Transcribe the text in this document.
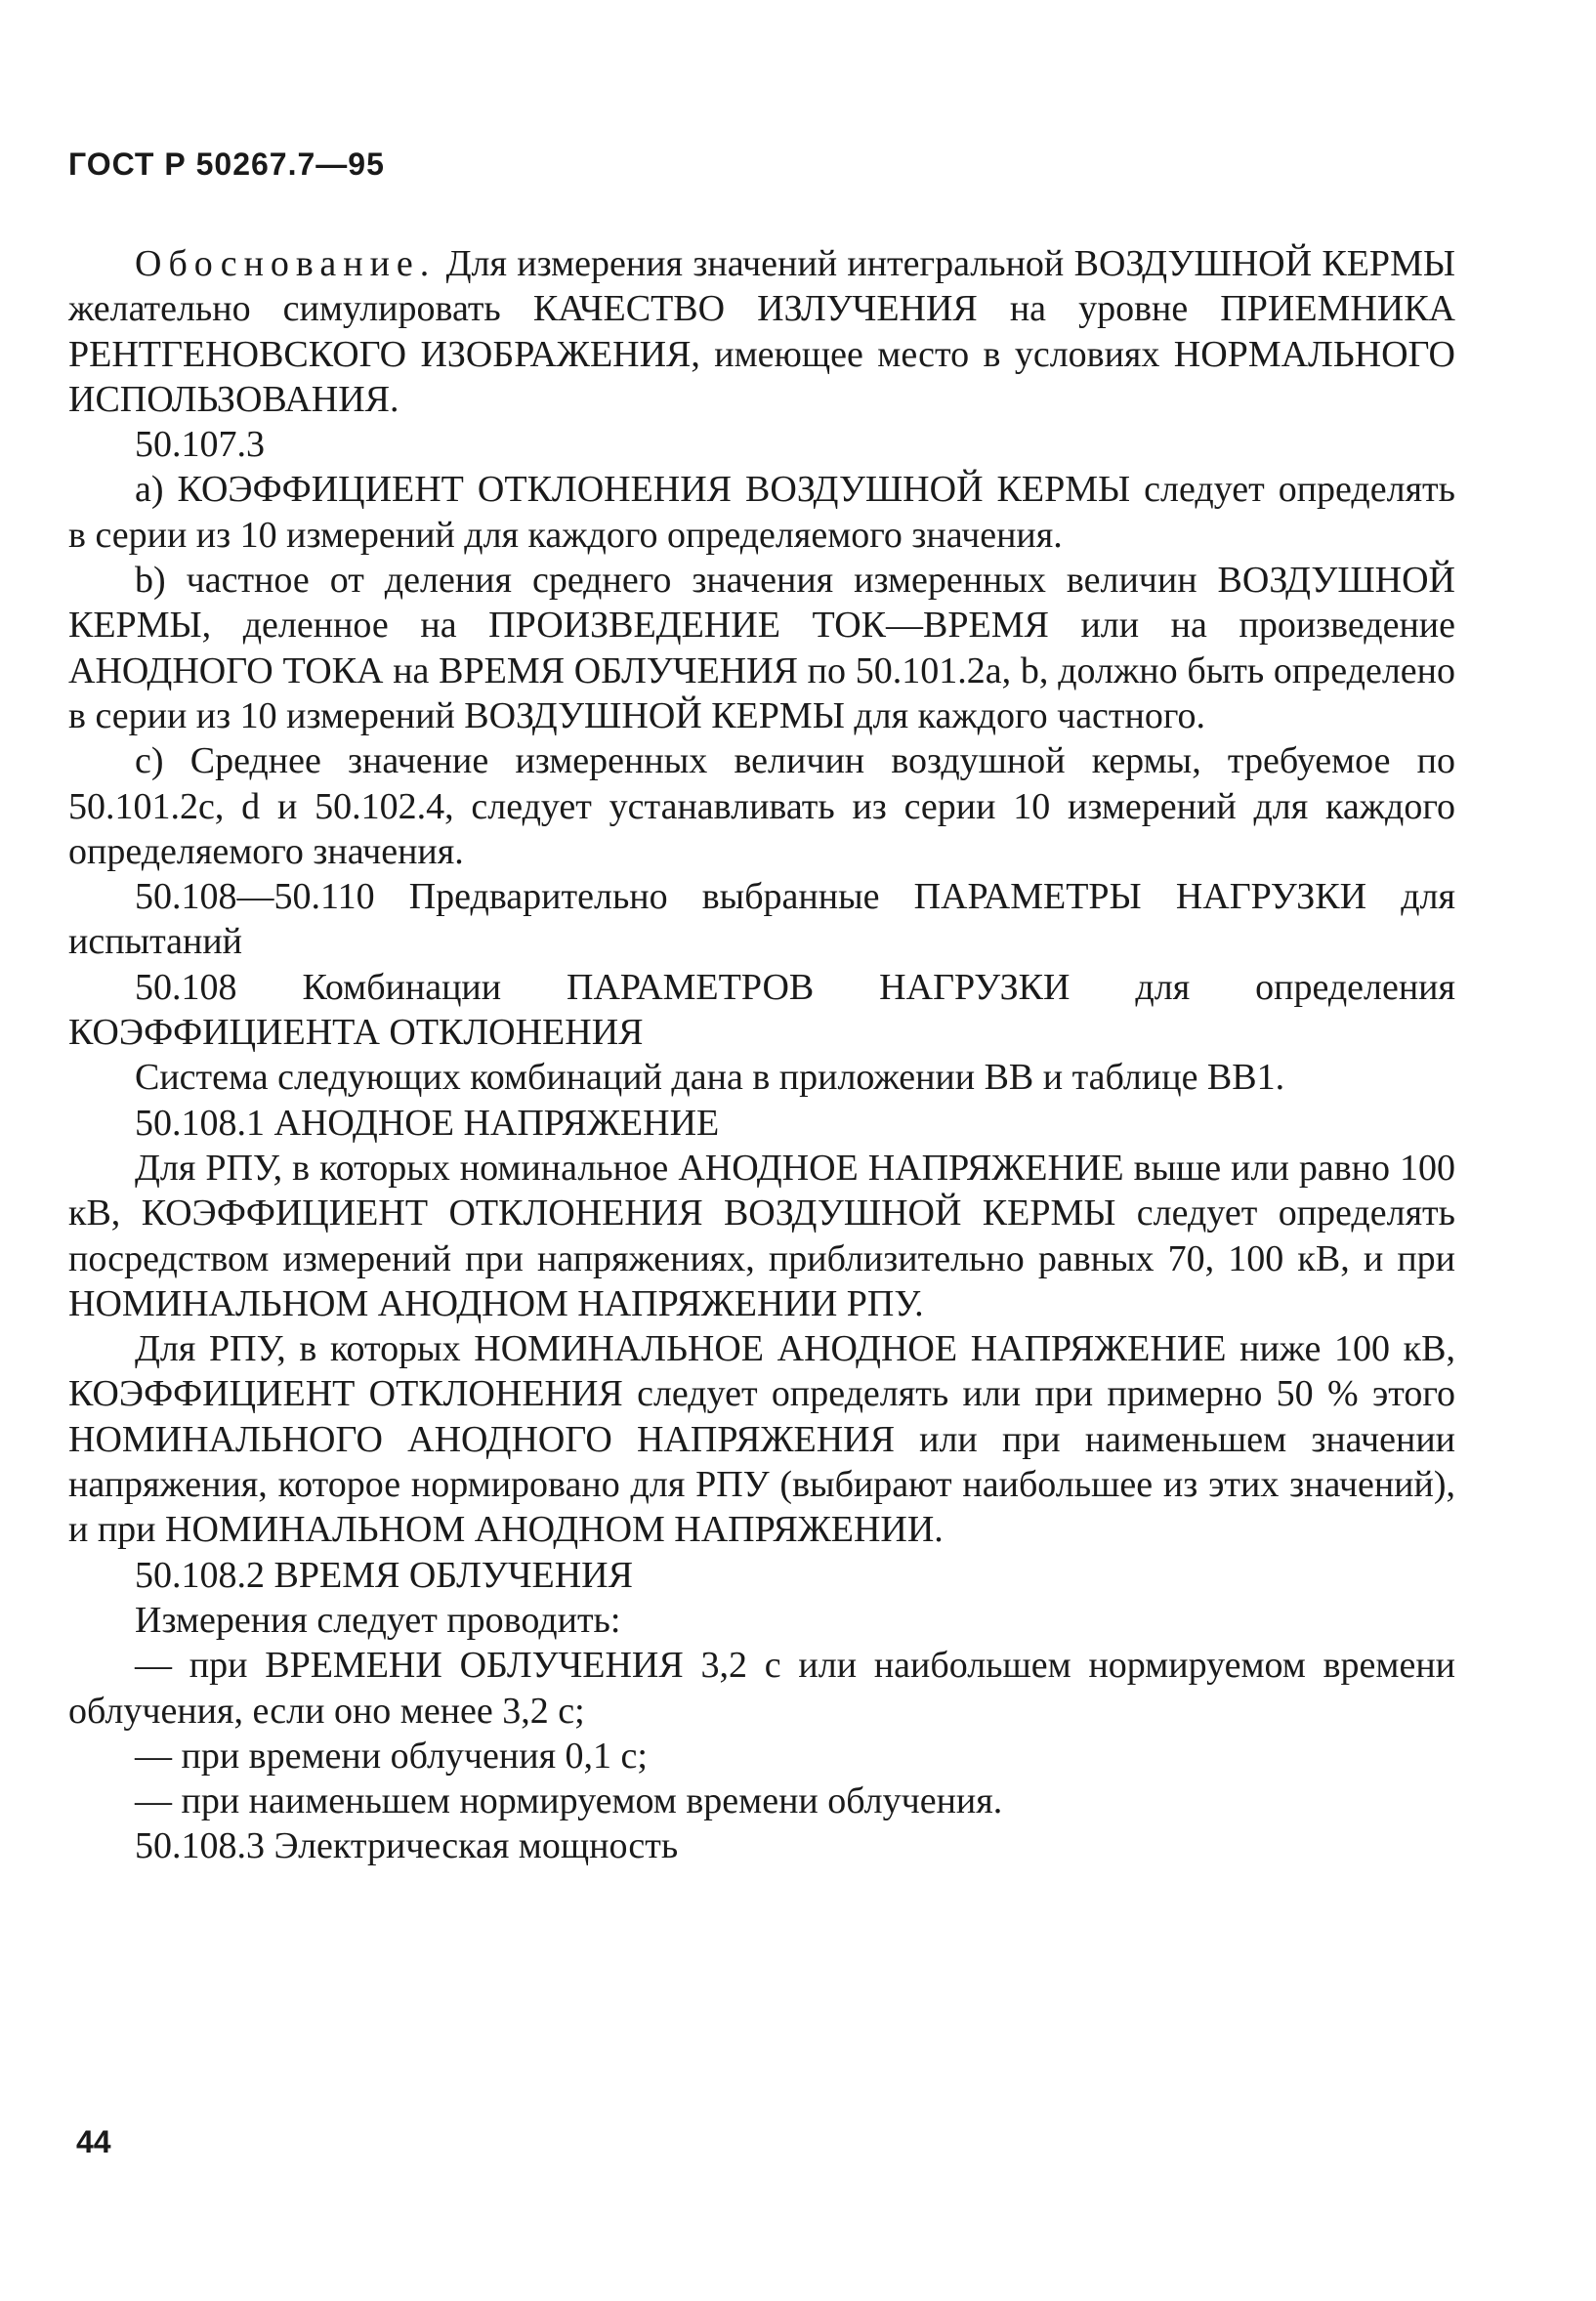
ГОСТ Р 50267.7—95

Обоснование. Для измерения значений интегральной ВОЗДУШНОЙ КЕРМЫ желательно симулировать КАЧЕСТВО ИЗЛУЧЕНИЯ на уровне ПРИЕМНИКА РЕНТГЕНОВСКОГО ИЗОБРАЖЕНИЯ, имеющее место в условиях НОРМАЛЬНОГО ИСПОЛЬЗОВАНИЯ.

50.107.3

a) КОЭФФИЦИЕНТ ОТКЛОНЕНИЯ ВОЗДУШНОЙ КЕРМЫ следует определять в серии из 10 измерений для каждого определяемого значения.

b) частное от деления среднего значения измеренных величин ВОЗДУШНОЙ КЕРМЫ, деленное на ПРОИЗВЕДЕНИЕ ТОК—ВРЕМЯ или на произведение АНОДНОГО ТОКА на ВРЕМЯ ОБЛУЧЕНИЯ по 50.101.2a, b, должно быть определено в серии из 10 измерений ВОЗДУШНОЙ КЕРМЫ для каждого частного.

c) Среднее значение измеренных величин воздушной кермы, требуемое по 50.101.2c, d и 50.102.4, следует устанавливать из серии 10 измерений для каждого определяемого значения.

50.108—50.110 Предварительно выбранные ПАРАМЕТРЫ НАГРУЗКИ для испытаний

50.108 Комбинации ПАРАМЕТРОВ НАГРУЗКИ для определения КОЭФФИЦИЕНТА ОТКЛОНЕНИЯ

Система следующих комбинаций дана в приложении ВВ и таблице ВВ1.

50.108.1 АНОДНОЕ НАПРЯЖЕНИЕ

Для РПУ, в которых номинальное АНОДНОЕ НАПРЯЖЕНИЕ выше или равно 100 кВ, КОЭФФИЦИЕНТ ОТКЛОНЕНИЯ ВОЗДУШНОЙ КЕРМЫ следует определять посредством измерений при напряжениях, приблизительно равных 70, 100 кВ, и при НОМИНАЛЬНОМ АНОДНОМ НАПРЯЖЕНИИ РПУ.

Для РПУ, в которых НОМИНАЛЬНОЕ АНОДНОЕ НАПРЯЖЕНИЕ ниже 100 кВ, КОЭФФИЦИЕНТ ОТКЛОНЕНИЯ следует определять или при примерно 50 % этого НОМИНАЛЬНОГО АНОДНОГО НАПРЯЖЕНИЯ или при наименьшем значении напряжения, которое нормировано для РПУ (выбирают наибольшее из этих значений), и при НОМИНАЛЬНОМ АНОДНОМ НАПРЯЖЕНИИ.

50.108.2 ВРЕМЯ ОБЛУЧЕНИЯ

Измерения следует проводить:

— при ВРЕМЕНИ ОБЛУЧЕНИЯ 3,2 с или наибольшем нормируемом времени облучения, если оно менее 3,2 с;

— при времени облучения 0,1 с;

— при наименьшем нормируемом времени облучения.

50.108.3 Электрическая мощность

44
